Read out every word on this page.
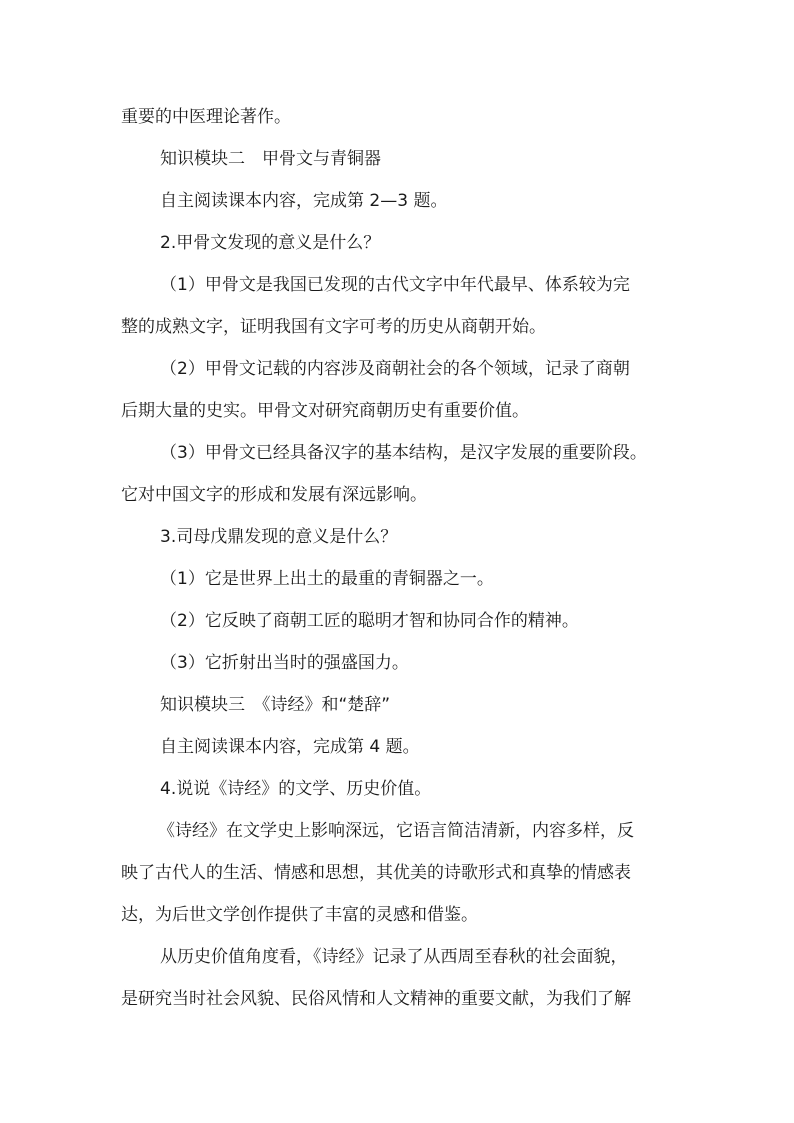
重要的中医理论著作。
知识模块二　甲骨文与青铜器
自主阅读课本内容，完成第 2—3 题。
2.甲骨文发现的意义是什么？
（1）甲骨文是我国已发现的古代文字中年代最早、体系较为完
整的成熟文字，证明我国有文字可考的历史从商朝开始。
（2）甲骨文记载的内容涉及商朝社会的各个领域，记录了商朝
后期大量的史实。甲骨文对研究商朝历史有重要价值。
（3）甲骨文已经具备汉字的基本结构，是汉字发展的重要阶段。
它对中国文字的形成和发展有深远影响。
3.司母戊鼎发现的意义是什么？
（1）它是世界上出土的最重的青铜器之一。
（2）它反映了商朝工匠的聪明才智和协同合作的精神。
（3）它折射出当时的强盛国力。
知识模块三　《诗经》和“楚辞”
自主阅读课本内容，完成第 4 题。
4.说说《诗经》的文学、历史价值。
《诗经》在文学史上影响深远，它语言简洁清新，内容多样，反
映了古代人的生活、情感和思想，其优美的诗歌形式和真挚的情感表
达，为后世文学创作提供了丰富的灵感和借鉴。
从历史价值角度看，《诗经》记录了从西周至春秋的社会面貌，
是研究当时社会风貌、民俗风情和人文精神的重要文献，为我们了解
